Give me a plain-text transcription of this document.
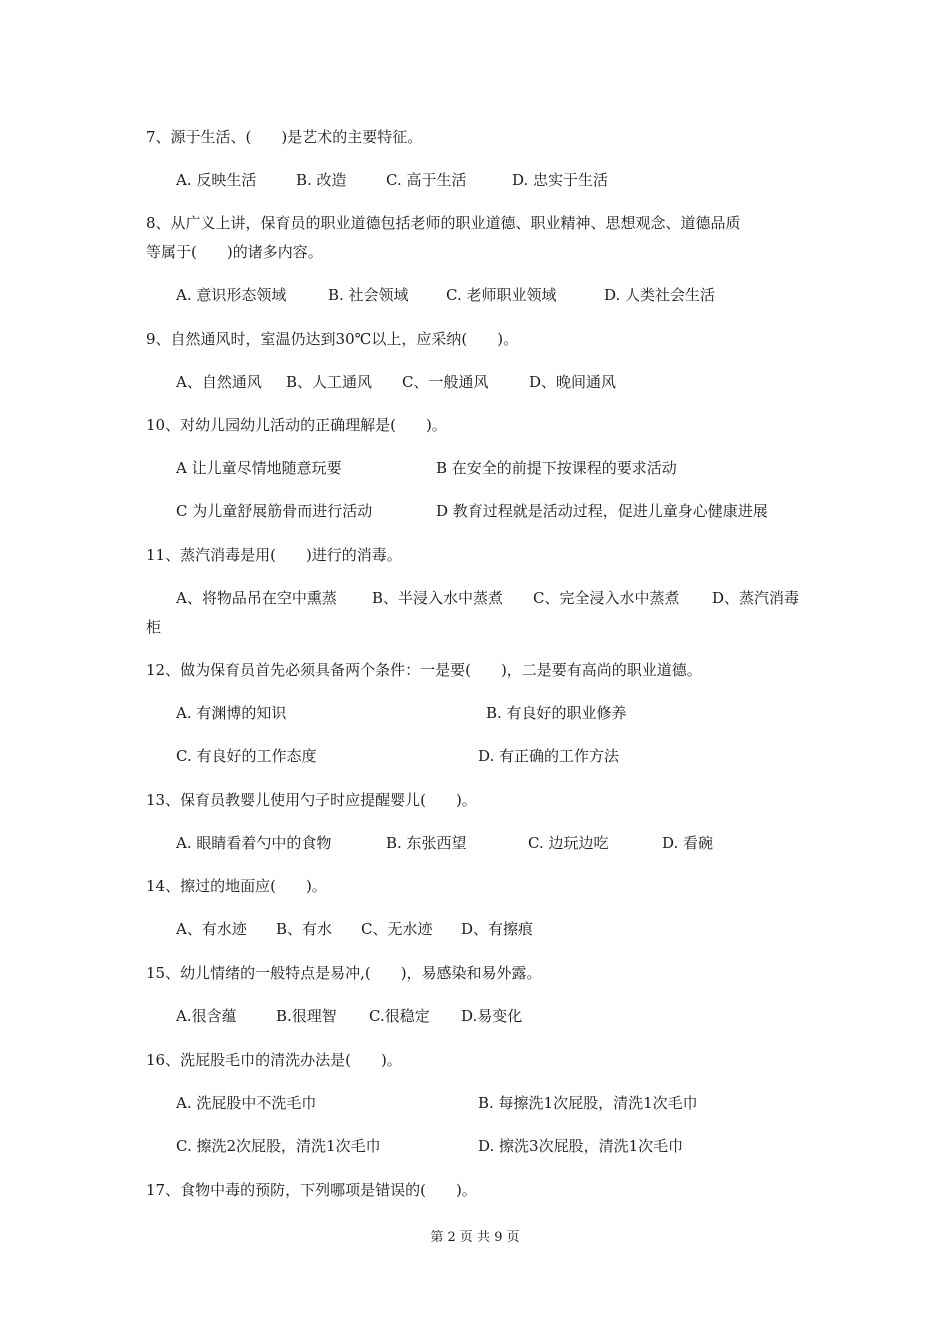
7、源于生活、(　　)是艺术的主要特征。
A. 反映生活	B. 改造	C. 高于生活	D. 忠实于生活
8、从广义上讲，保育员的职业道德包括老师的职业道德、职业精神、思想观念、道德品质
等属于(　　)的诸多内容。
A. 意识形态领域	B. 社会领域 C. 老师职业领域	D. 人类社会生活
9、自然通风时，室温仍达到30℃以上，应采纳(　　)。
A、自然通风 B、人工通风 C、一般通风	D、晚间通风
10、对幼儿园幼儿活动的正确理解是(　　)。
A 让儿童尽情地随意玩要	B 在安全的前提下按课程的要求活动
C 为儿童舒展筋骨而进行活动	D 教育过程就是活动过程，促进儿童身心健康进展
11、蒸汽消毒是用(　　)进行的消毒。
A、将物品吊在空中熏蒸 B、半浸入水中蒸煮 C、完全浸入水中蒸煮 D、蒸汽消毒
柜
12、做为保育员首先必须具备两个条件：一是要(　　)，二是要有高尚的职业道德。
A. 有渊博的知识	B. 有良好的职业修养
C. 有良好的工作态度	D. 有正确的工作方法
13、保育员教婴儿使用勺子时应提醒婴儿(　　)。
A. 眼睛看着勺中的食物	B. 东张西望	C. 边玩边吃	D. 看碗
14、擦过的地面应(　　)。
A、有水迹 B、有水 C、无水迹 D、有擦痕
15、幼儿情绪的一般特点是易冲,(　　)，易感染和易外露。
A.很含蕴	B.很理智 C.很稳定 D.易变化
16、洗屁股毛巾的清洗办法是(　　)。
A. 洗屁股中不洗毛巾	B. 每擦洗1次屁股，清洗1次毛巾
C. 擦洗2次屁股，清洗1次毛巾	D. 擦洗3次屁股，清洗1次毛巾
17、食物中毒的预防，下列哪项是错误的(　　)。
第 2 页 共 9 页
